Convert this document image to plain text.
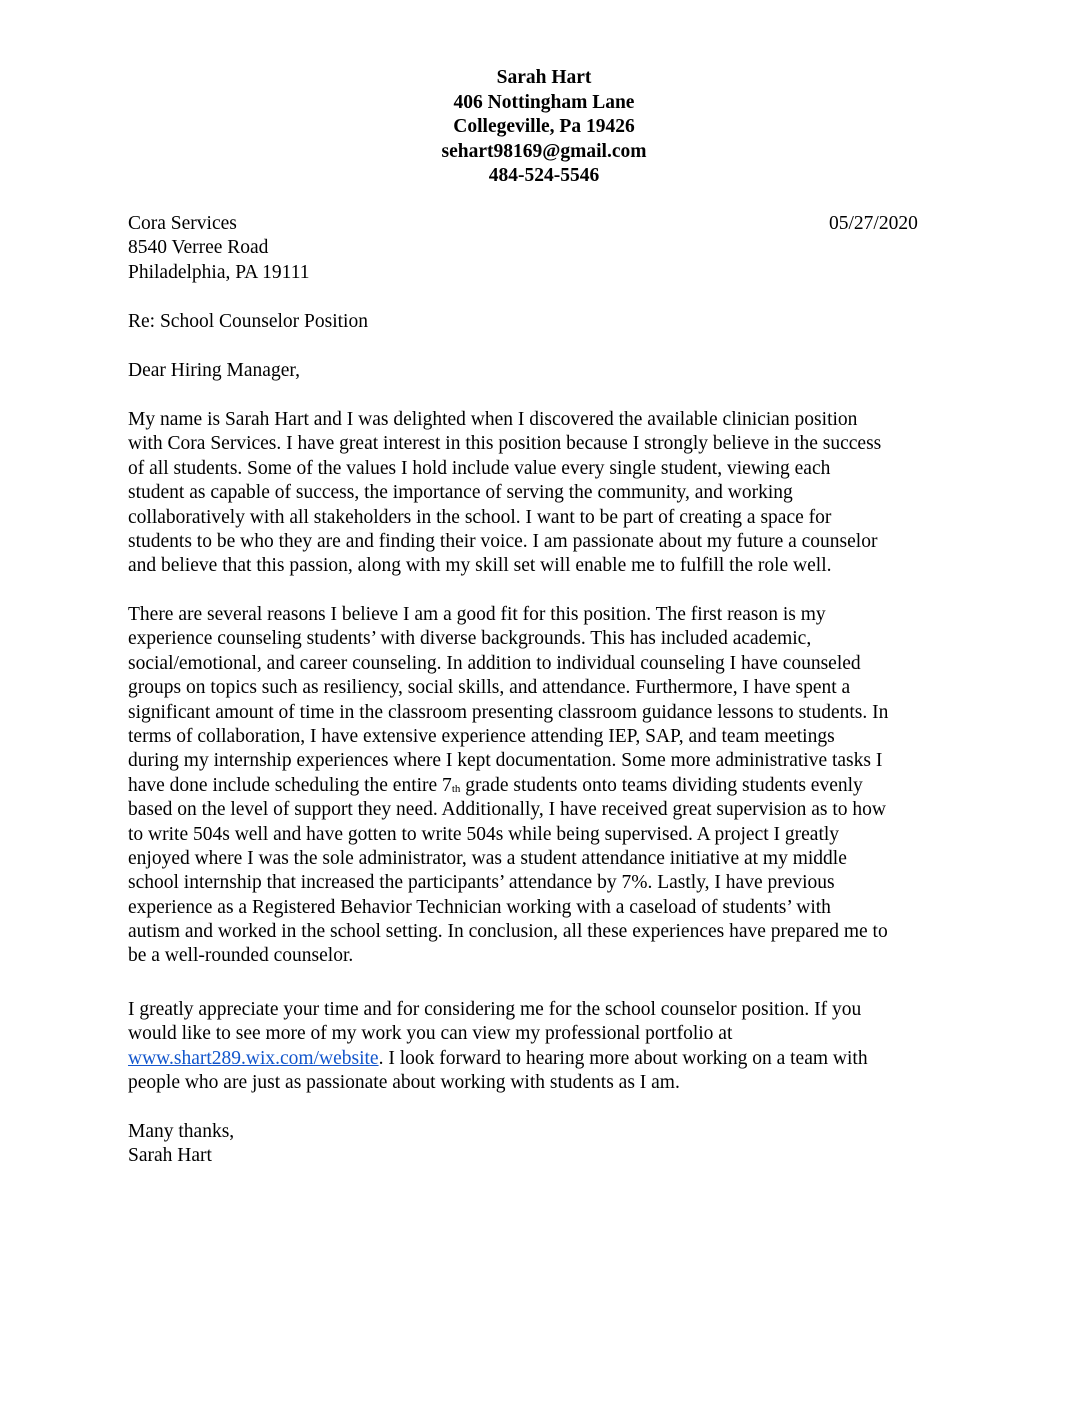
Sarah Hart
406 Nottingham Lane
Collegeville, Pa 19426
sehart98169@gmail.com
484-524-5546
Cora Services
8540 Verree Road
Philadelphia, PA 19111
05/27/2020
Re: School Counselor Position
Dear Hiring Manager,
My name is Sarah Hart and I was delighted when I discovered the available clinician position
with Cora Services. I have great interest in this position because I strongly believe in the success
of all students. Some of the values I hold include value every single student, viewing each
student as capable of success, the importance of serving the community, and working
collaboratively with all stakeholders in the school. I want to be part of creating a space for
students to be who they are and finding their voice. I am passionate about my future a counselor
and believe that this passion, along with my skill set will enable me to fulfill the role well.
There are several reasons I believe I am a good fit for this position. The first reason is my
experience counseling students’ with diverse backgrounds. This has included academic,
social/emotional, and career counseling. In addition to individual counseling I have counseled
groups on topics such as resiliency, social skills, and attendance. Furthermore, I have spent a
significant amount of time in the classroom presenting classroom guidance lessons to students. In
terms of collaboration, I have extensive experience attending IEP, SAP, and team meetings
during my internship experiences where I kept documentation. Some more administrative tasks I
have done include scheduling the entire $7_{th}$ grade students onto teams dividing students evenly
based on the level of support they need. Additionally, I have received great supervision as to how
to write 504s well and have gotten to write 504s while being supervised. A project I greatly
enjoyed where I was the sole administrator, was a student attendance initiative at my middle
school internship that increased the participants’ attendance by 7%. Lastly, I have previous
experience as a Registered Behavior Technician working with a caseload of students’ with
autism and worked in the school setting. In conclusion, all these experiences have prepared me to
be a well-rounded counselor.
I greatly appreciate your time and for considering me for the school counselor position. If you
would like to see more of my work you can view my professional portfolio at
www.shart289.wix.com/website. I look forward to hearing more about working on a team with
people who are just as passionate about working with students as I am.
Many thanks,
Sarah Hart
